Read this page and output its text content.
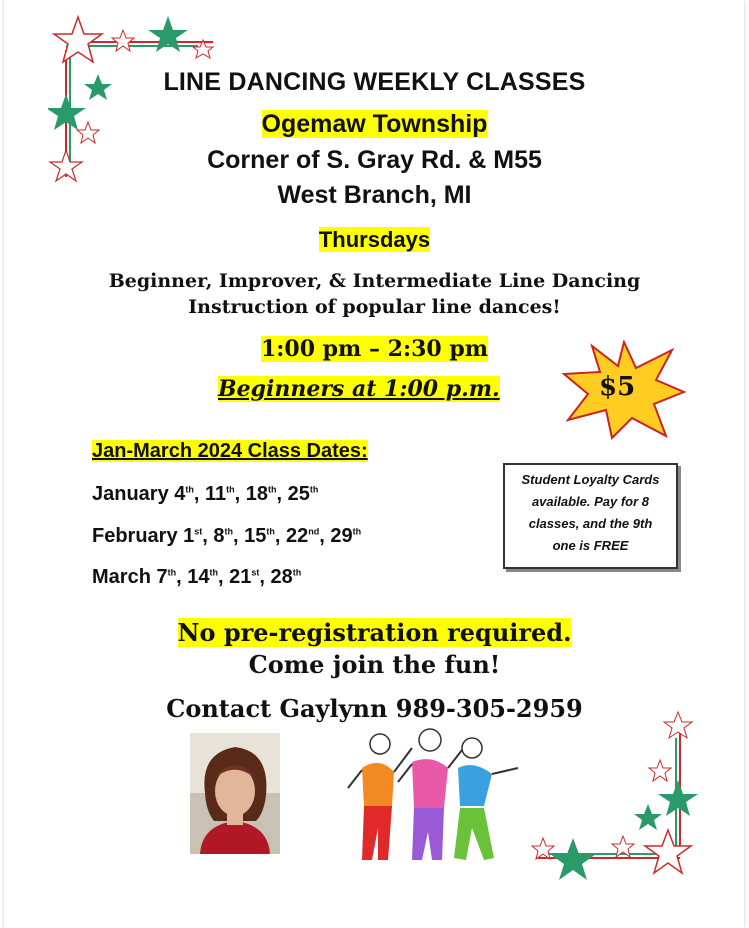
LINE DANCING WEEKLY CLASSES
Ogemaw Township
Corner of S. Gray Rd. & M55
West Branch, MI
Thursdays
Beginner, Improver, & Intermediate Line Dancing
Instruction of popular line dances!
1:00 pm – 2:30 pm
Beginners at 1:00 p.m.	$5
Jan-March 2024 Class Dates:
January 4th, 11th, 18th, 25th
February 1st, 8th, 15th, 22nd, 29th
March 7th, 14th, 21st, 28th
Student Loyalty Cards
available. Pay for 8
classes, and the 9th
one is FREE
No pre-registration required.
Come join the fun!
Contact Gaylynn 989-305-2959
